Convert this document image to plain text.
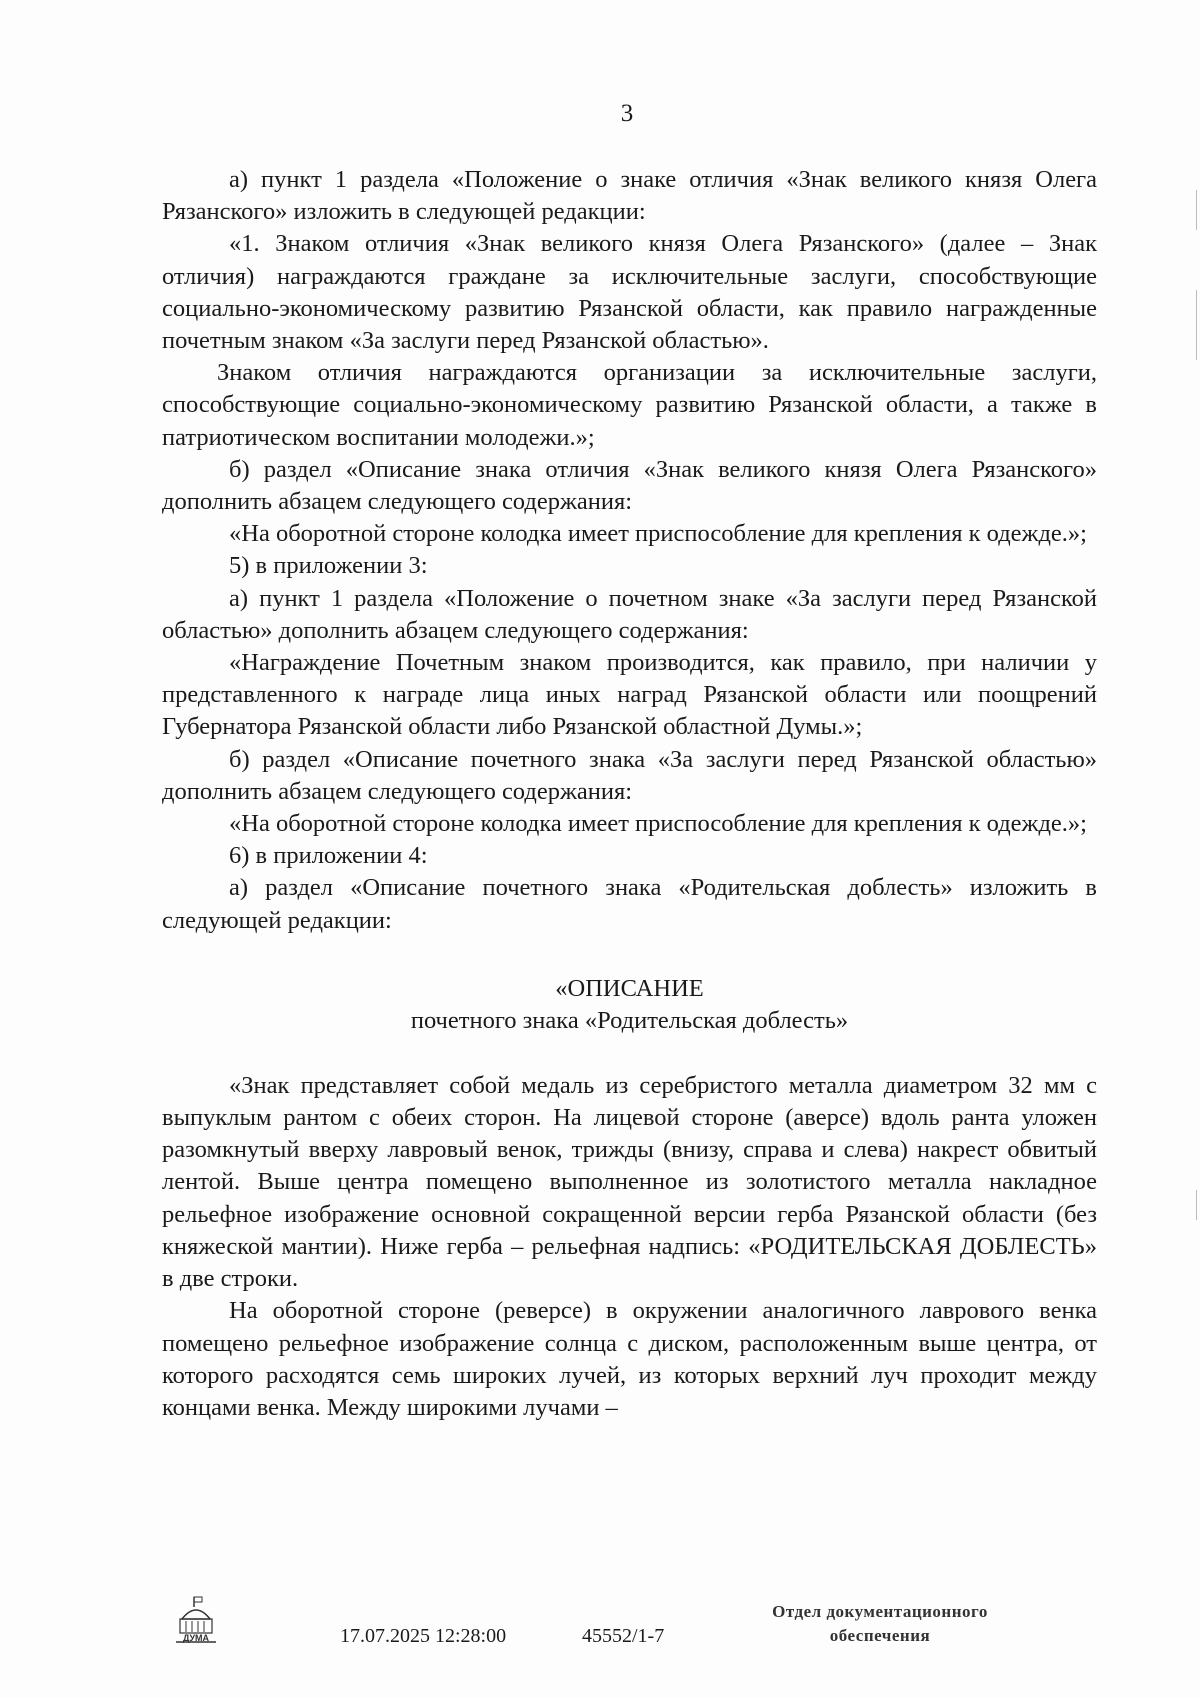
3

а) пункт 1 раздела «Положение о знаке отличия «Знак великого князя Олега Рязанского» изложить в следующей редакции:

«1. Знаком отличия «Знак великого князя Олега Рязанского» (далее – Знак отличия) награждаются граждане за исключительные заслуги, способствующие социально-экономическому развитию Рязанской области, как правило награжденные почетным знаком «За заслуги перед Рязанской областью».

Знаком отличия награждаются организации за исключительные заслуги, способствующие социально-экономическому развитию Рязанской области, а также в патриотическом воспитании молодежи.»;

б) раздел «Описание знака отличия «Знак великого князя Олега Рязанского» дополнить абзацем следующего содержания:

«На оборотной стороне колодка имеет приспособление для крепления к одежде.»;

5) в приложении 3:

а) пункт 1 раздела «Положение о почетном знаке «За заслуги перед Рязанской областью» дополнить абзацем следующего содержания:

«Награждение Почетным знаком производится, как правило, при наличии у представленного к награде лица иных наград Рязанской области или поощрений Губернатора Рязанской области либо Рязанской областной Думы.»;

б) раздел «Описание почетного знака «За заслуги перед Рязанской областью» дополнить абзацем следующего содержания:

«На оборотной стороне колодка имеет приспособление для крепления к одежде.»;

6) в приложении 4:

а) раздел «Описание почетного знака «Родительская доблесть» изложить в следующей редакции:

«ОПИСАНИЕ
почетного знака «Родительская доблесть»

«Знак представляет собой медаль из серебристого металла диаметром 32 мм с выпуклым рантом с обеих сторон. На лицевой стороне (аверсе) вдоль ранта уложен разомкнутый вверху лавровый венок, трижды (внизу, справа и слева) накрест обвитый лентой. Выше центра помещено выполненное из золотистого металла накладное рельефное изображение основной сокращенной версии герба Рязанской области (без княжеской мантии). Ниже герба – рельефная надпись: «РОДИТЕЛЬСКАЯ ДОБЛЕСТЬ» в две строки.

На оборотной стороне (реверсе) в окружении аналогичного лаврового венка помещено рельефное изображение солнца с диском, расположенным выше центра, от которого расходятся семь широких лучей, из которых верхний луч проходит между концами венка. Между широкими лучами –

ДУМА	17.07.2025 12:28:00	45552/1-7
Отдел документационного
обеспечения
